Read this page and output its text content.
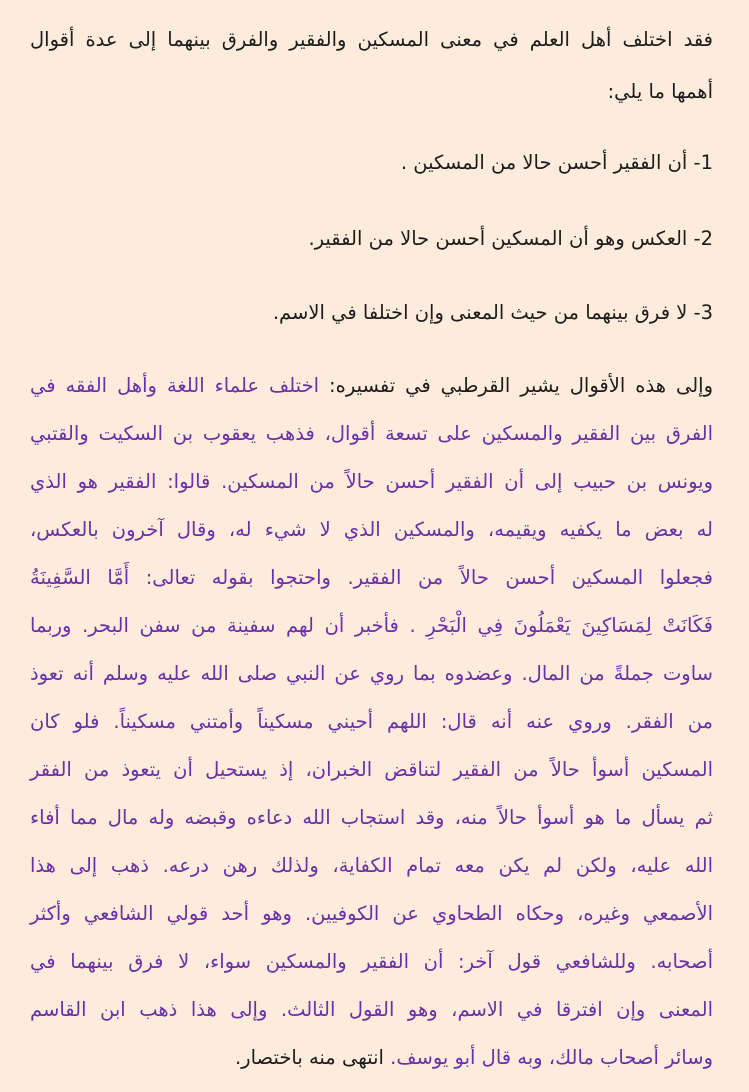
فقد اختلف أهل العلم في معنى المسكين والفقير والفرق بينهما إلى عدة أقوال
أهمها ما يلي:
1- أن الفقير أحسن حالا من المسكين .
2- العكس وهو أن المسكين أحسن حالا من الفقير.
3- لا فرق بينهما من حيث المعنى وإن اختلفا في الاسم.
وإلى هذه الأقوال يشير القرطبي في تفسيره: اختلف علماء اللغة وأهل الفقه في
الفرق بين الفقير والمسكين على تسعة أقوال، فذهب يعقوب بن السكيت والقتبي
ويونس بن حبيب إلى أن الفقير أحسن حالاً من المسكين. قالوا: الفقير هو الذي
له بعض ما يكفيه ويقيمه، والمسكين الذي لا شيء له، وقال آخرون بالعكس،
فجعلوا المسكين أحسن حالاً من الفقير. واحتجوا بقوله تعالى: أَمَّا السَّفِينَةُ
فَكَانَتْ لِمَسَاكِينَ يَعْمَلُونَ فِي الْبَحْرِ . فأخبر أن لهم سفينة من سفن البحر. وربما
ساوت جملةً من المال. وعضدوه بما روي عن النبي صلى الله عليه وسلم أنه تعوذ
من الفقر. وروي عنه أنه قال: اللهم أحيني مسكيناً وأمتني مسكيناً. فلو كان
المسكين أسوأ حالاً من الفقير لتناقض الخبران، إذ يستحيل أن يتعوذ من الفقر
ثم يسأل ما هو أسوأ حالاً منه، وقد استجاب الله دعاءه وقبضه وله مال مما أفاء
الله عليه، ولكن لم يكن معه تمام الكفاية، ولذلك رهن درعه. ذهب إلى هذا
الأصمعي وغيره، وحكاه الطحاوي عن الكوفيين. وهو أحد قولي الشافعي وأكثر
أصحابه. وللشافعي قول آخر: أن الفقير والمسكين سواء، لا فرق بينهما في
المعنى وإن افترقا في الاسم، وهو القول الثالث. وإلى هذا ذهب ابن القاسم
وسائر أصحاب مالك، وبه قال أبو يوسف. انتهى منه باختصار.
